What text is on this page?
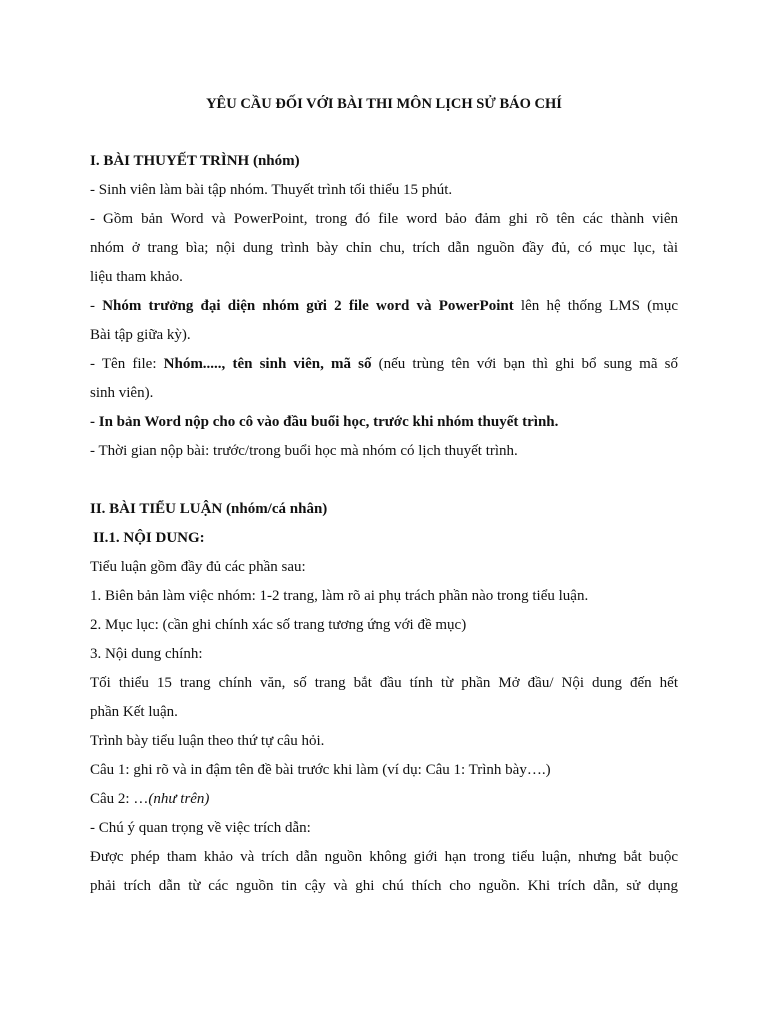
YÊU CẦU ĐỐI VỚI BÀI THI MÔN LỊCH SỬ BÁO CHÍ
I. BÀI THUYẾT TRÌNH (nhóm)
- Sinh viên làm bài tập nhóm. Thuyết trình tối thiểu 15 phút.
- Gồm bản Word và PowerPoint, trong đó file word bảo đảm ghi rõ tên các thành viên
nhóm ở trang bìa; nội dung trình bày chỉn chu, trích dẫn nguồn đầy đủ, có mục lục, tài
liệu tham khảo.
- Nhóm trưởng đại diện nhóm gửi 2 file word và PowerPoint lên hệ thống LMS (mục
Bài tập giữa kỳ).
- Tên file: Nhóm....., tên sinh viên, mã số (nếu trùng tên với bạn thì ghi bổ sung mã số
sinh viên).
- In bản Word nộp cho cô vào đầu buổi học, trước khi nhóm thuyết trình.
- Thời gian nộp bài: trước/trong buổi học mà nhóm có lịch thuyết trình.
II. BÀI TIỂU LUẬN (nhóm/cá nhân)
II.1. NỘI DUNG:
Tiểu luận gồm đầy đủ các phần sau:
1. Biên bản làm việc nhóm: 1-2 trang, làm rõ ai phụ trách phần nào trong tiểu luận.
2. Mục lục: (cần ghi chính xác số trang tương ứng với đề mục)
3. Nội dung chính:
Tối thiểu 15 trang chính văn, số trang bắt đầu tính từ phần Mở đầu/ Nội dung đến hết
phần Kết luận.
Trình bày tiểu luận theo thứ tự câu hỏi.
Câu 1: ghi rõ và in đậm tên đề bài trước khi làm (ví dụ: Câu 1: Trình bày….)
Câu 2: …(như trên)
- Chú ý quan trọng về việc trích dẫn:
Được phép tham khảo và trích dẫn nguồn không giới hạn trong tiểu luận, nhưng bắt buộc
phải trích dẫn từ các nguồn tin cậy và ghi chú thích cho nguồn. Khi trích dẫn, sử dụng
